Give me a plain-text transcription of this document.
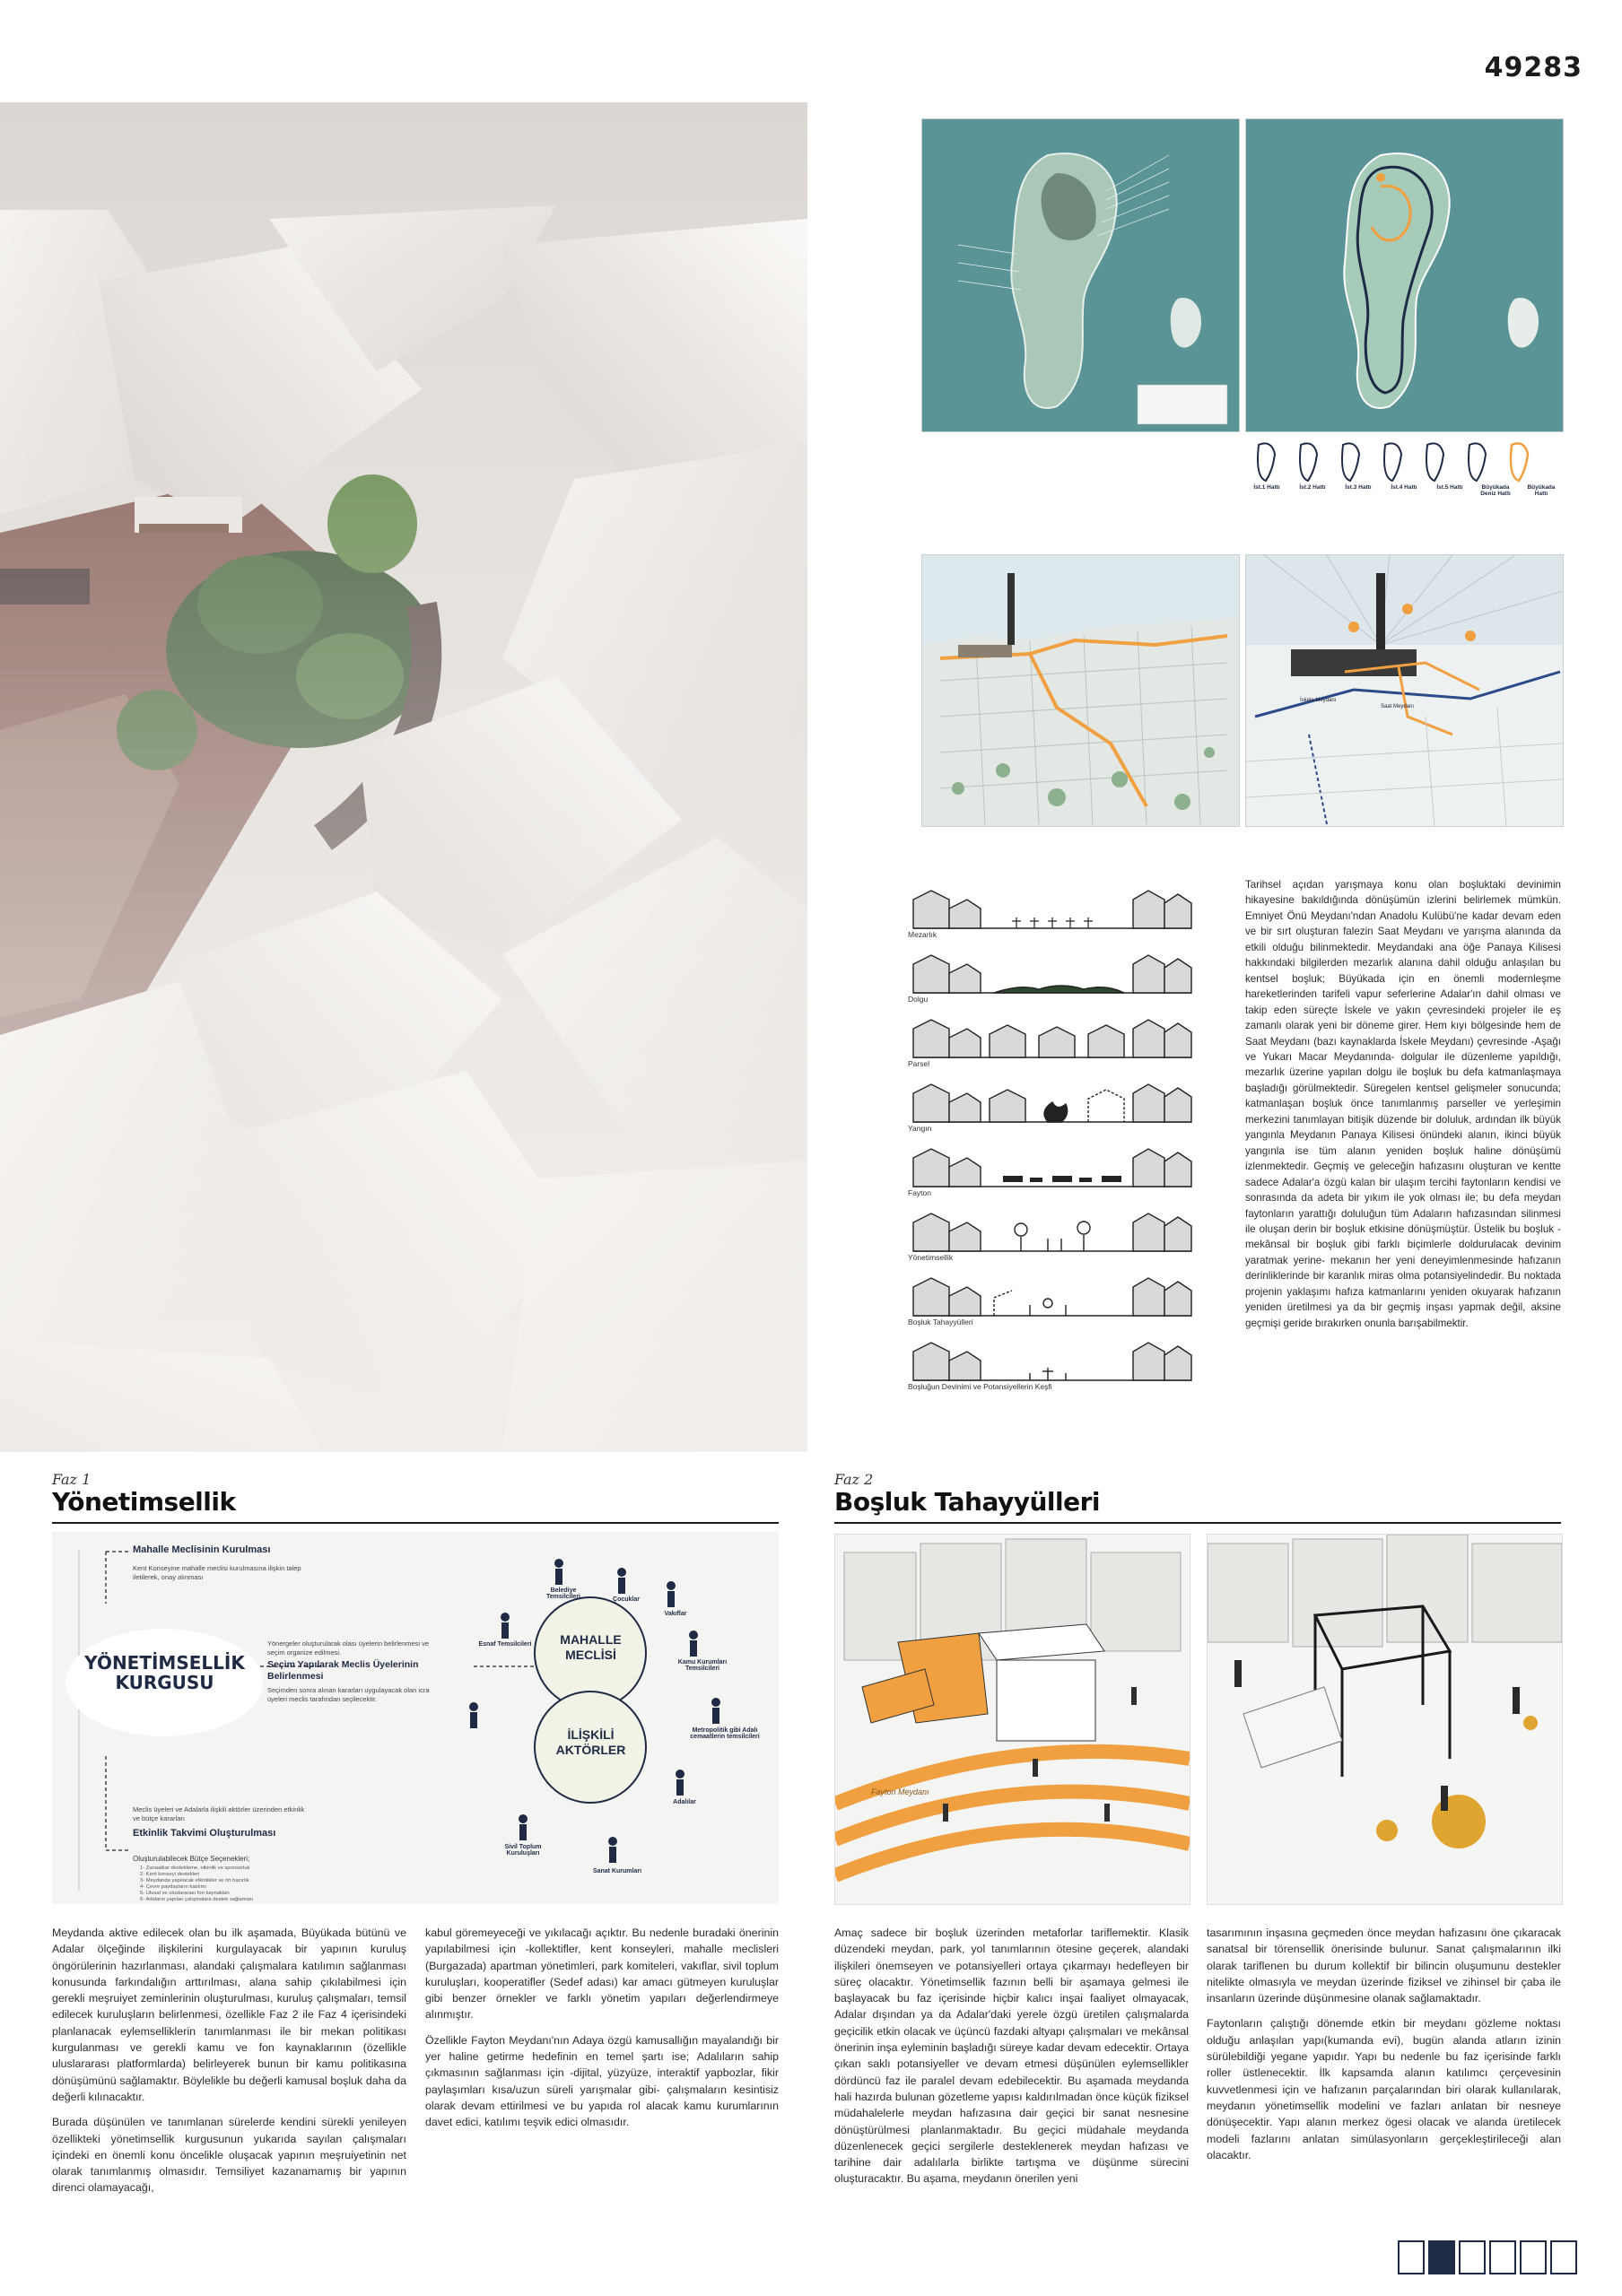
49283
İst.1 Hattı	İst.2 Hattı	İst.3 Hattı	İst.4 Hattı	İst.5 Hattı	Büyükada Deniz Hattı
Büyükada Hattı
İskele Meydanı
Saat Meydanı
Mezarlık
Dolgu
Parsel
Yangın
Fayton
Yönetimsellik
Boşluk Tahayyülleri
Boşluğun Devinimi ve Potansiyellerin Keşfi
Tarihsel açıdan yarışmaya konu olan boşluktaki devinimin hikayesine bakıldığında dönüşümün izlerini belirlemek mümkün. Emniyet Önü Meydanı'ndan Anadolu Kulübü'ne kadar devam eden ve bir sırt oluşturan falezin Saat Meydanı ve yarışma alanında da etkili olduğu bilinmektedir. Meydandaki ana öğe Panaya Kilisesi hakkındaki bilgilerden mezarlık alanına dahil olduğu anlaşılan bu kentsel boşluk; Büyükada için en önemli modernleşme hareketlerinden tarifeli vapur seferlerine Adalar'ın dahil olması ve takip eden süreçte İskele ve yakın çevresindeki projeler ile eş zamanlı olarak yeni bir döneme girer. Hem kıyı bölgesinde hem de Saat Meydanı (bazı kaynaklarda İskele Meydanı) çevresinde -Aşağı ve Yukarı Macar Meydanında- dolgular ile düzenleme yapıldığı, mezarlık üzerine yapılan dolgu ile boşluk bu defa katmanlaşmaya başladığı görülmektedir. Süregelen kentsel gelişmeler sonucunda; katmanlaşan boşluk önce tanımlanmış parseller ve yerleşimin merkezini tanımlayan bitişik düzende bir doluluk, ardından ilk büyük yangınla Meydanın Panaya Kilisesi önündeki alanın, ikinci büyük yangınla ise tüm alanın yeniden boşluk haline dönüşümü izlenmektedir. Geçmiş ve geleceğin hafızasını oluşturan ve kentte sadece Adalar'a özgü kalan bir ulaşım tercihi faytonların kendisi ve sonrasında da adeta bir yıkım ile yok olması ile; bu defa meydan faytonların yarattığı doluluğun tüm Adaların hafızasından silinmesi ile oluşan derin bir boşluk etkisine dönüşmüştür. Üstelik bu boşluk -mekânsal bir boşluk gibi farklı biçimlerle doldurulacak devinim yaratmak yerine- mekanın her yeni deneyimlenmesinde hafızanın derinliklerinde bir karanlık miras olma potansiyelindedir. Bu noktada projenin yaklaşımı hafıza katmanlarını yeniden okuyarak hafızanın yeniden üretilmesi ya da bir geçmiş inşası yapmak değil, aksine geçmişi geride bırakırken onunla barışabilmektir.
Faz 1
Yönetimsellik
YÖNETİMSELLİK KURGUSU
MAHALLE MECLİSİ
İLİŞKİLİ AKTÖRLER
Mahalle Meclisinin Kurulması
Kent Konseyine mahalle meclisi kurulmasına ilişkin talep iletilerek, onay alınması
Yönergeler oluşturularak olası üyelerin belirlenmesi ve seçim organize edilmesi.
Seçim Yapılarak Meclis Üyelerinin Belirlenmesi
Seçimden sonra alınan kararları uygulayacak olan icra üyeleri meclis tarafından seçilecektir.
Meclis üyeleri ve Adalarla ilişkili aktörler üzerinden etkinlik ve bütçe kararları
Etkinlik Takvimi Oluşturulması
Oluşturulabilecek Bütçe Seçenekleri;
1- Zanaatkar destekleme, etkinlik ve sponsorluk
2- Kent konseyi destekleri
3- Meydanda yapılacak etkinlikler ve ön hazırlık
4- Çevre paydaşların katılımı
5- Ulusal ve uluslararası fon kaynakları
6- Adaların yapılan çalışmalara destek sağlaması
Belediye Temsilcileri	Çocuklar
Vakıflar
Esnaf Temsilcileri
Kamu Kurumları Temsilcileri
Metropolitik gibi Adalı cemaatlerin temsilcileri
Adalılar
Sivil Toplum Kuruluşları
Sanat Kurumları
Meydanda aktive edilecek olan bu ilk aşamada, Büyükada bütünü ve Adalar ölçeğinde ilişkilerini kurgulayacak bir yapının kuruluş öngörülerinin hazırlanması, alandaki çalışmalara katılımın sağlanması konusunda farkındalığın arttırılması, alana sahip çıkılabilmesi için gerekli meşruiyet zeminlerinin oluşturulması, kuruluş çalışmaları, temsil edilecek kuruluşların belirlenmesi, özellikle Faz 2 ile Faz 4 içerisindeki planlanacak eylemselliklerin tanımlanması ile bir mekan politikası kurgulanması ve gerekli kamu ve fon kaynaklarının (özellikle uluslararası platformlarda) belirleyerek bunun bir kamu politikasına dönüşümünü sağlamaktır. Böylelikle bu değerli kamusal boşluk daha da değerli kılınacaktır.
Burada düşünülen ve tanımlanan sürelerde kendini sürekli yenileyen özellikteki yönetimsellik kurgusunun yukarıda sayılan çalışmaları içindeki en önemli konu öncelikle oluşacak yapının meşruiyetinin net olarak tanımlanmış olmasıdır. Temsiliyet kazanamamış bir yapının direnci olamayacağı,
kabul göremeyeceği ve yıkılacağı açıktır. Bu nedenle buradaki önerinin yapılabilmesi için -kollektifler, kent konseyleri, mahalle meclisleri (Burgazada) apartman yönetimleri, park komiteleri, vakıflar, sivil toplum kuruluşları, kooperatifler (Sedef adası) kar amacı gütmeyen kuruluşlar gibi benzer örnekler ve farklı yönetim yapıları değerlendirmeye alınmıştır.
Özellikle Fayton Meydanı'nın Adaya özgü kamusallığın mayalandığı bir yer haline getirme hedefinin en temel şartı ise; Adalıların sahip çıkmasının sağlanması için -dijital, yüzyüze, interaktif yapbozlar, fikir paylaşımları kısa/uzun süreli yarışmalar gibi- çalışmaların kesintisiz olarak devam ettirilmesi ve bu yapıda rol alacak kamu kurumlarının davet edici, katılımı teşvik edici olmasıdır.
Faz 2
Boşluk Tahayyülleri
Fayton Meydanı
Amaç sadece bir boşluk üzerinden metaforlar tariflemektir. Klasik düzendeki meydan, park, yol tanımlarının ötesine geçerek, alandaki ilişkileri önemseyen ve potansiyelleri ortaya çıkarmayı hedefleyen bir süreç olacaktır. Yönetimsellik fazının belli bir aşamaya gelmesi ile başlayacak bu faz içerisinde hiçbir kalıcı inşai faaliyet olmayacak, Adalar dışından ya da Adalar'daki yerele özgü üretilen çalışmalarda geçicilik etkin olacak ve üçüncü fazdaki altyapı çalışmaları ve mekânsal önerinin inşa eyleminin başladığı süreye kadar devam edecektir. Ortaya çıkan saklı potansiyeller ve devam etmesi düşünülen eylemsellikler dördüncü faz ile paralel devam edebilecektir. Bu aşamada meydanda hali hazırda bulunan gözetleme yapısı kaldırılmadan önce küçük fiziksel müdahalelerle meydan hafızasına dair geçici bir sanat nesnesine dönüştürülmesi planlanmaktadır. Bu geçici müdahale meydanda düzenlenecek geçici sergilerle desteklenerek meydan hafızası ve tarihine dair adalılarla birlikte tartışma ve düşünme sürecini oluşturacaktır. Bu aşama, meydanın önerilen yeni
tasarımının inşasına geçmeden önce meydan hafızasını öne çıkaracak sanatsal bir törensellik önerisinde bulunur. Sanat çalışmalarının ilki olarak tariflenen bu durum kollektif bir bilincin oluşumunu destekler nitelikte olmasıyla ve meydan üzerinde fiziksel ve zihinsel bir çaba ile insanların üzerinde düşünmesine olanak sağlamaktadır.
Faytonların çalıştığı dönemde etkin bir meydanı gözleme noktası olduğu anlaşılan yapı(kumanda evi), bugün alanda atların izinin sürülebildiği yegane yapıdır. Yapı bu nedenle bu faz içerisinde farklı roller üstlenecektir. İlk kapsamda alanın katılımcı çerçevesinin kuvvetlenmesi için ve hafızanın parçalarından biri olarak kullanılarak, meydanın yönetimsellik modelini ve fazları anlatan bir nesneye dönüşecektir. Yapı alanın merkez ögesi olacak ve alanda üretilecek modeli fazlarını anlatan simülasyonların gerçekleştirileceği alan olacaktır.
